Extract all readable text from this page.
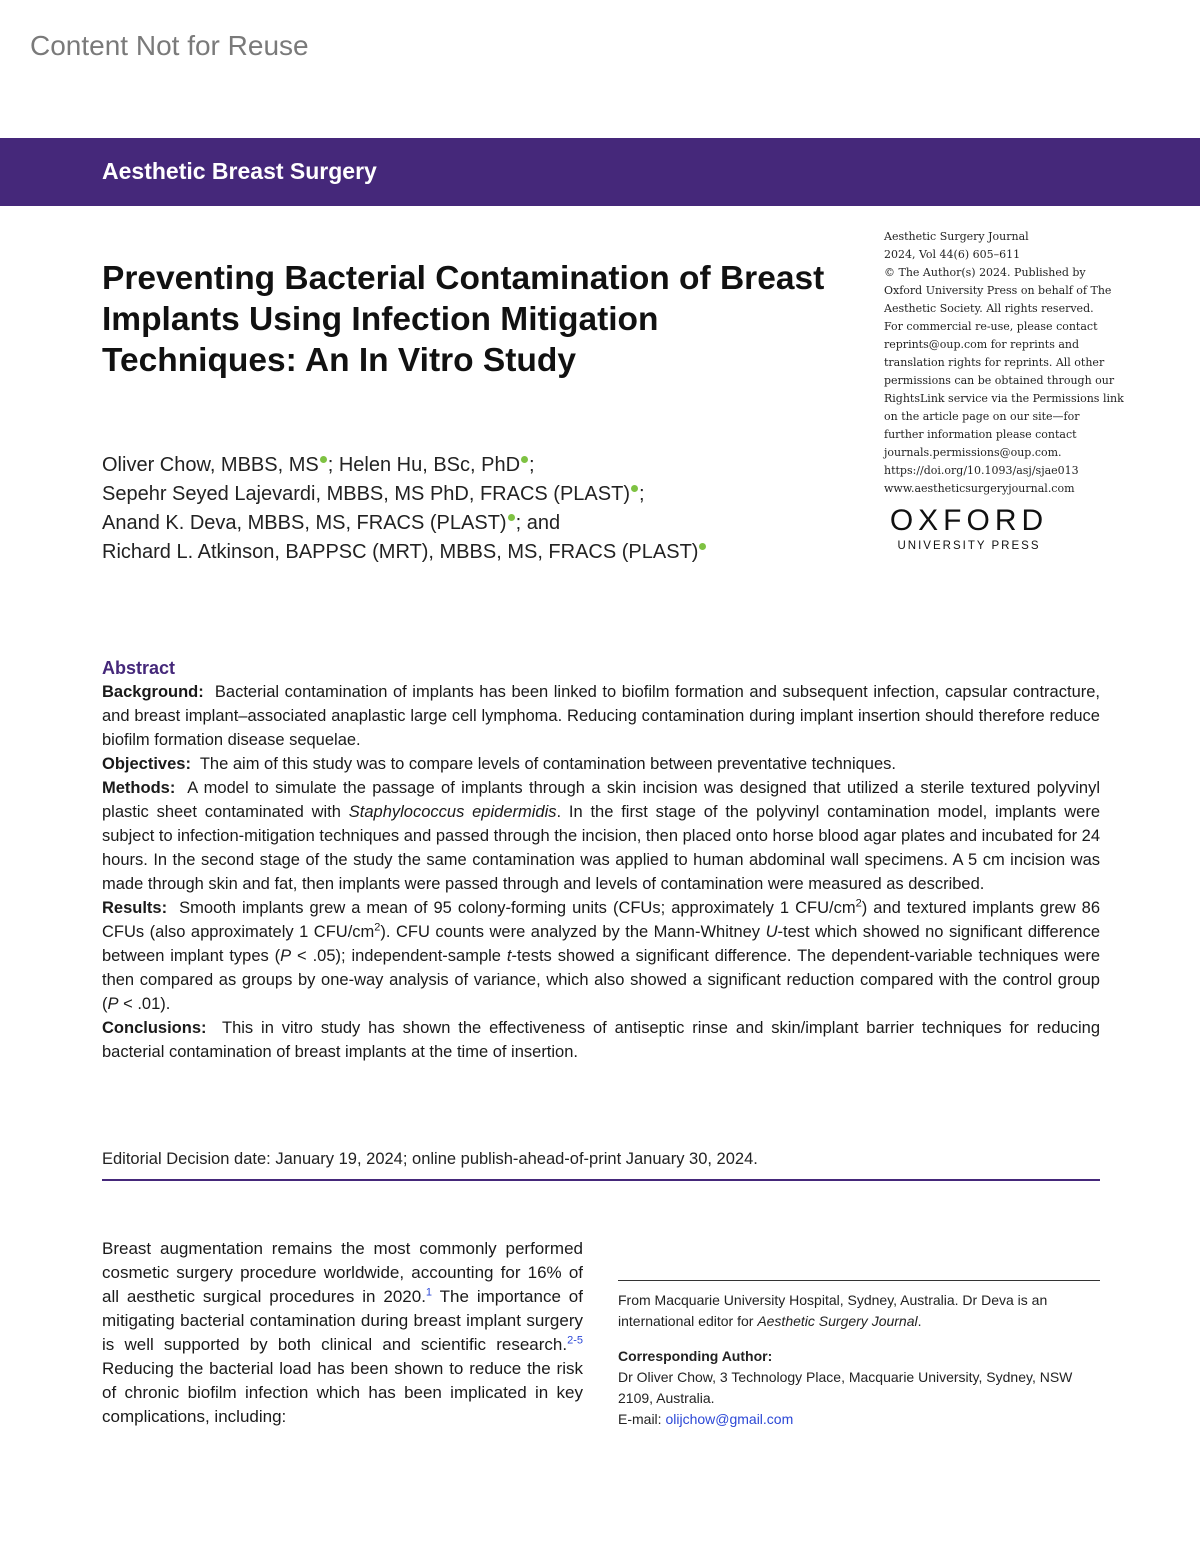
Content Not for Reuse
Aesthetic Breast Surgery
Preventing Bacterial Contamination of Breast Implants Using Infection Mitigation Techniques: An In Vitro Study
Oliver Chow, MBBS, MS ; Helen Hu, BSc, PhD ;
Sepehr Seyed Lajevardi, MBBS, MS PhD, FRACS (PLAST) ;
Anand K. Deva, MBBS, MS, FRACS (PLAST) ; and
Richard L. Atkinson, BAPPSC (MRT), MBBS, MS, FRACS (PLAST)
Aesthetic Surgery Journal
2024, Vol 44(6) 605–611
© The Author(s) 2024. Published by
Oxford University Press on behalf of The
Aesthetic Society. All rights reserved.
For commercial re-use, please contact
reprints@oup.com for reprints and
translation rights for reprints. All other
permissions can be obtained through our
RightsLink service via the Permissions link
on the article page on our site—for
further information please contact
journals.permissions@oup.com.
https://doi.org/10.1093/asj/sjae013
www.aestheticsurgeryjournal.com
OXFORD
UNIVERSITY PRESS
Abstract

Background: Bacterial contamination of implants has been linked to biofilm formation and subsequent infection, capsular contracture, and breast implant–associated anaplastic large cell lymphoma. Reducing contamination during implant insertion should therefore reduce biofilm formation disease sequelae.

Objectives: The aim of this study was to compare levels of contamination between preventative techniques.

Methods: A model to simulate the passage of implants through a skin incision was designed that utilized a sterile textured polyvinyl plastic sheet contaminated with Staphylococcus epidermidis. In the first stage of the polyvinyl contamination model, implants were subject to infection-mitigation techniques and passed through the incision, then placed onto horse blood agar plates and incubated for 24 hours. In the second stage of the study the same contamination was applied to human abdominal wall specimens. A 5 cm incision was made through skin and fat, then implants were passed through and levels of contamination were measured as described.

Results: Smooth implants grew a mean of 95 colony-forming units (CFUs; approximately 1 CFU/$cm^2$) and textured implants grew 86 CFUs (also approximately 1 CFU/$cm^2$). CFU counts were analyzed by the Mann-Whitney U-test which showed no significant difference between implant types (P < .05); independent-sample t-tests showed a significant difference. The dependent-variable techniques were then compared as groups by one-way analysis of variance, which also showed a significant reduction compared with the control group (P < .01).

Conclusions: This in vitro study has shown the effectiveness of antiseptic rinse and skin/implant barrier techniques for reducing bacterial contamination of breast implants at the time of insertion.

Editorial Decision date: January 19, 2024; online publish-ahead-of-print January 30, 2024.
Breast augmentation remains the most commonly performed cosmetic surgery procedure worldwide, accounting for 16% of all aesthetic surgical procedures in 2020.$^1$ The importance of mitigating bacterial contamination during breast implant surgery is well supported by both clinical and scientific research.$^{2-5}$ Reducing the bacterial load has been shown to reduce the risk of chronic biofilm infection which has been implicated in key complications, including:

From Macquarie University Hospital, Sydney, Australia. Dr Deva is an international editor for Aesthetic Surgery Journal.

Corresponding Author:
Dr Oliver Chow, 3 Technology Place, Macquarie University, Sydney, NSW 2109, Australia.
E-mail: olijchow@gmail.com
